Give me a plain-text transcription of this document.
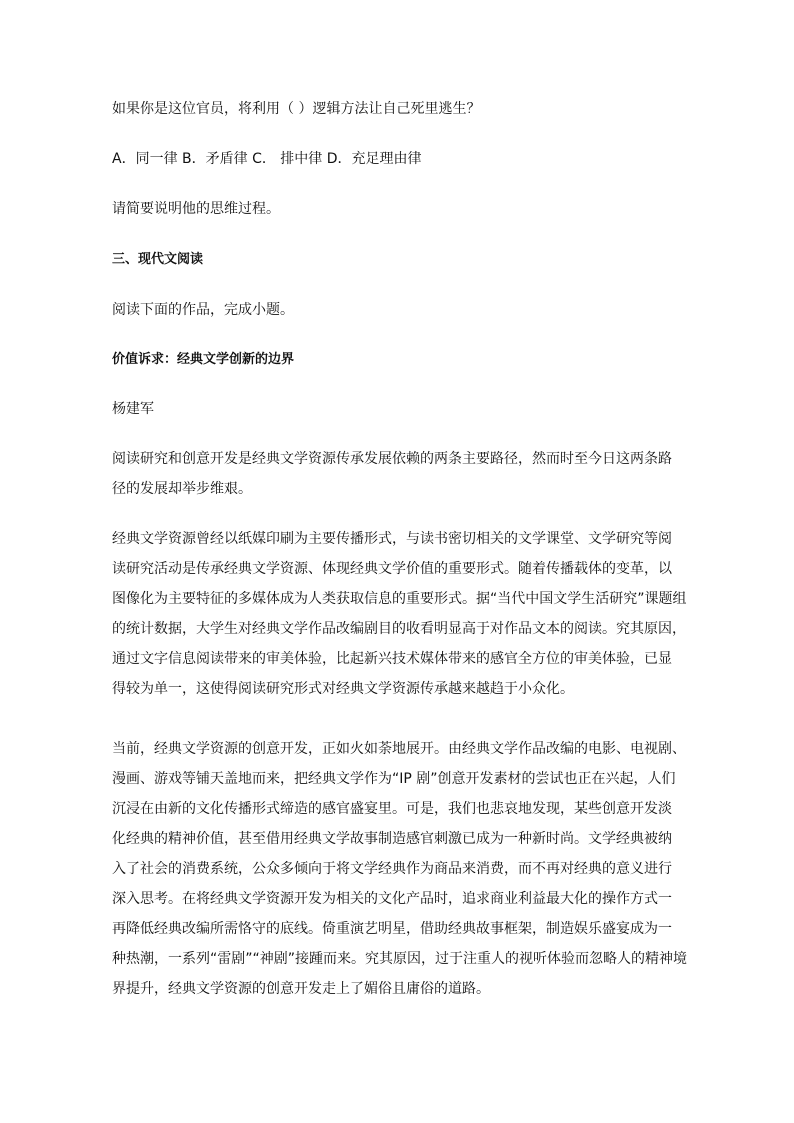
如果你是这位官员，将利用（ ）逻辑方法让自己死里逃生？
A．同一律 B．矛盾律 C． 排中律 D．充足理由律
请简要说明他的思维过程。
三、现代文阅读
阅读下面的作品，完成小题。
价值诉求：经典文学创新的边界
杨建军
阅读研究和创意开发是经典文学资源传承发展依赖的两条主要路径，然而时至今日这两条路
径的发展却举步维艰。
经典文学资源曾经以纸媒印刷为主要传播形式，与读书密切相关的文学课堂、文学研究等阅
读研究活动是传承经典文学资源、体现经典文学价值的重要形式。随着传播载体的变革，以
图像化为主要特征的多媒体成为人类获取信息的重要形式。据“当代中国文学生活研究”课题组
的统计数据，大学生对经典文学作品改编剧目的收看明显高于对作品文本的阅读。究其原因，
通过文字信息阅读带来的审美体验，比起新兴技术媒体带来的感官全方位的审美体验，已显
得较为单一，这使得阅读研究形式对经典文学资源传承越来越趋于小众化。
当前，经典文学资源的创意开发，正如火如荼地展开。由经典文学作品改编的电影、电视剧、
漫画、游戏等铺天盖地而来，把经典文学作为“IP 剧”创意开发素材的尝试也正在兴起，人们
沉浸在由新的文化传播形式缔造的感官盛宴里。可是，我们也悲哀地发现，某些创意开发淡
化经典的精神价值，甚至借用经典文学故事制造感官刺激已成为一种新时尚。文学经典被纳
入了社会的消费系统，公众多倾向于将文学经典作为商品来消费，而不再对经典的意义进行
深入思考。在将经典文学资源开发为相关的文化产品时，追求商业利益最大化的操作方式一
再降低经典改编所需恪守的底线。倚重演艺明星，借助经典故事框架，制造娱乐盛宴成为一
种热潮，一系列“雷剧”“神剧”接踵而来。究其原因，过于注重人的视听体验而忽略人的精神境
界提升，经典文学资源的创意开发走上了媚俗且庸俗的道路。
